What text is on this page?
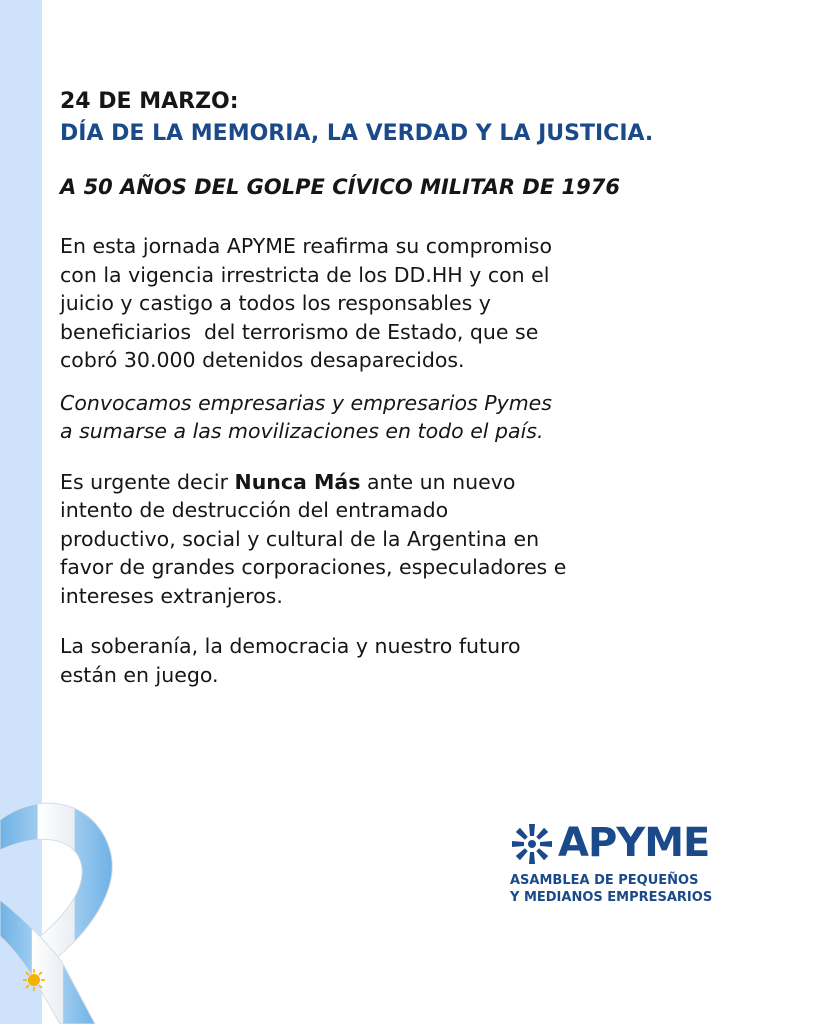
24 DE MARZO:
DÍA DE LA MEMORIA, LA VERDAD Y LA JUSTICIA.
A 50 AÑOS DEL GOLPE CÍVICO MILITAR DE 1976
En esta jornada APYME reafirma su compromiso
con la vigencia irrestricta de los DD.HH y con el
juicio y castigo a todos los responsables y
beneficiarios  del terrorismo de Estado, que se
cobró 30.000 detenidos desaparecidos.
Convocamos empresarias y empresarios Pymes
a sumarse a las movilizaciones en todo el país.
Es urgente decir Nunca Más ante un nuevo
intento de destrucción del entramado
productivo, social y cultural de la Argentina en
favor de grandes corporaciones, especuladores e
intereses extranjeros.
La soberanía, la democracia y nuestro futuro
están en juego.
APYME
ASAMBLEA DE PEQUEÑOS
Y MEDIANOS EMPRESARIOS
